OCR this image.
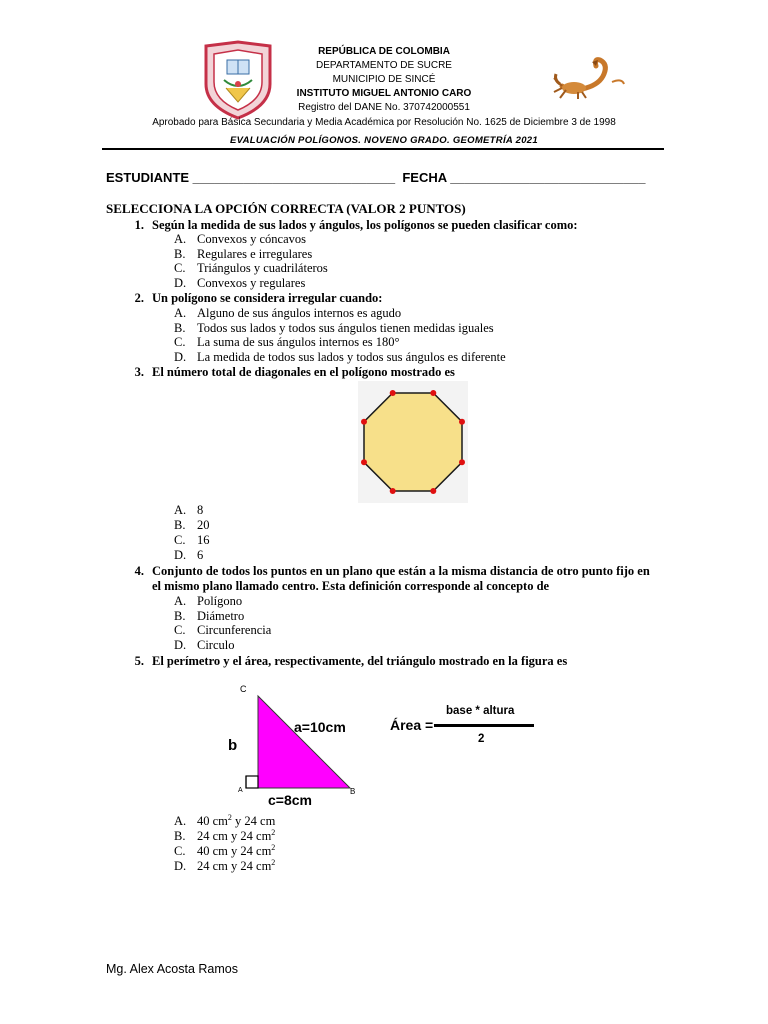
REPÚBLICA DE COLOMBIA
DEPARTAMENTO DE SUCRE
MUNICIPIO DE SINCÉ
INSTITUTO MIGUEL ANTONIO CARO
Registro del DANE No. 370742000551
Aprobado para Básica Secundaria y Media Académica por Resolución No. 1625 de Diciembre 3 de 1998
EVALUACIÓN POLÍGONOS. NOVENO GRADO. GEOMETRÍA 2021
ESTUDIANTE ____________________________  FECHA ___________________________
SELECCIONA LA OPCIÓN CORRECTA (VALOR 2 PUNTOS)
1. Según la medida de sus lados y ángulos, los polígonos se pueden clasificar como:
A. Convexos y cóncavos
B. Regulares e irregulares
C. Triángulos y cuadriláteros
D. Convexos y regulares
2. Un polígono se considera irregular cuando:
A. Alguno de sus ángulos internos es agudo
B. Todos sus lados y todos sus ángulos tienen medidas iguales
C. La suma de sus ángulos internos es 180°
D. La medida de todos sus lados y todos sus ángulos es diferente
3. El número total de diagonales en el polígono mostrado es
A. 8
B. 20
C. 16
D. 6
4. Conjunto de todos los puntos en un plano que están a la misma distancia de otro punto fijo en
el mismo plano llamado centro. Esta definición corresponde al concepto de
A. Polígono
B. Diámetro
C. Circunferencia
D. Circulo
5. El perímetro y el área, respectivamente, del triángulo mostrado en la figura es
C
A	B
b
a=10cm
c=8cm
Área =
base * altura
2
A. 40 $cm^2$ y 24 cm
B. 24 cm y 24 $cm^2$
C. 40 cm y 24 $cm^2$
D. 24 cm y 24 $cm^2$
Mg. Alex Acosta Ramos
